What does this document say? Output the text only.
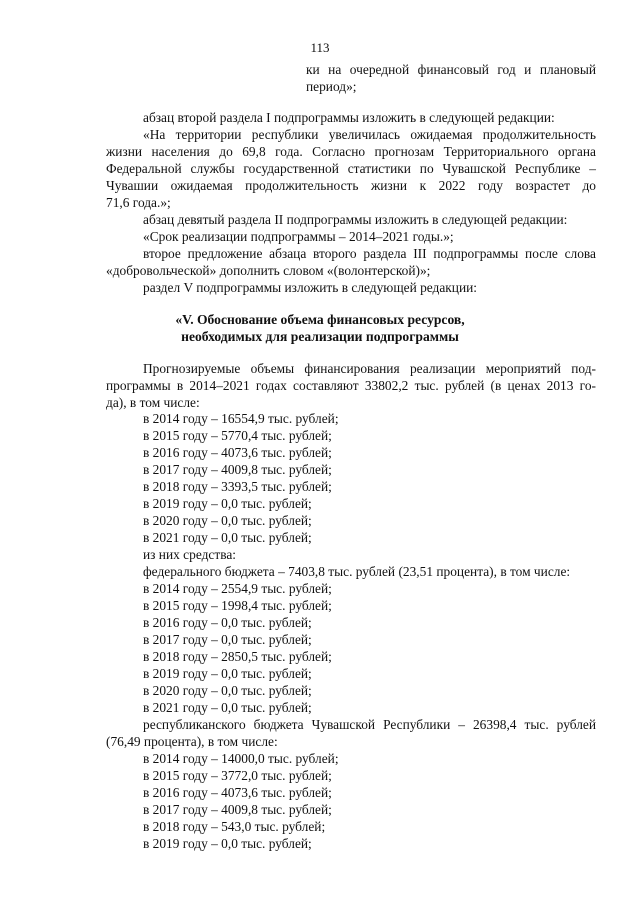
113
ки на очередной финансовый год и плановый
период»;
абзац второй раздела I подпрограммы изложить в следующей редакции:
«На территории республики увеличилась ожидаемая продолжительность
жизни населения до 69,8 года. Согласно прогнозам Территориального органа
Федеральной службы государственной статистики по Чувашской Республике –
Чувашии ожидаемая продолжительность жизни к 2022 году возрастет до
71,6 года.»;
абзац девятый раздела II подпрограммы изложить в следующей редакции:
«Срок реализации подпрограммы – 2014–2021 годы.»;
второе предложение абзаца второго раздела III подпрограммы после слова
«добровольческой» дополнить словом «(волонтерской)»;
раздел V подпрограммы изложить в следующей редакции:
«V. Обоснование объема финансовых ресурсов,
необходимых для реализации подпрограммы
Прогнозируемые объемы финансирования реализации мероприятий под-
программы в 2014–2021 годах составляют 33802,2 тыс. рублей (в ценах 2013 го-
да), в том числе:
в 2014 году – 16554,9 тыс. рублей;
в 2015 году – 5770,4 тыс. рублей;
в 2016 году – 4073,6 тыс. рублей;
в 2017 году – 4009,8 тыс. рублей;
в 2018 году – 3393,5 тыс. рублей;
в 2019 году – 0,0 тыс. рублей;
в 2020 году – 0,0 тыс. рублей;
в 2021 году – 0,0 тыс. рублей;
из них средства:
федерального бюджета – 7403,8 тыс. рублей (23,51 процента), в том числе:
в 2014 году – 2554,9 тыс. рублей;
в 2015 году – 1998,4 тыс. рублей;
в 2016 году – 0,0 тыс. рублей;
в 2017 году – 0,0 тыс. рублей;
в 2018 году – 2850,5 тыс. рублей;
в 2019 году – 0,0 тыс. рублей;
в 2020 году – 0,0 тыс. рублей;
в 2021 году – 0,0 тыс. рублей;
республиканского бюджета Чувашской Республики – 26398,4 тыс. рублей
(76,49 процента), в том числе:
в 2014 году – 14000,0 тыс. рублей;
в 2015 году – 3772,0 тыс. рублей;
в 2016 году – 4073,6 тыс. рублей;
в 2017 году – 4009,8 тыс. рублей;
в 2018 году – 543,0 тыс. рублей;
в 2019 году – 0,0 тыс. рублей;
